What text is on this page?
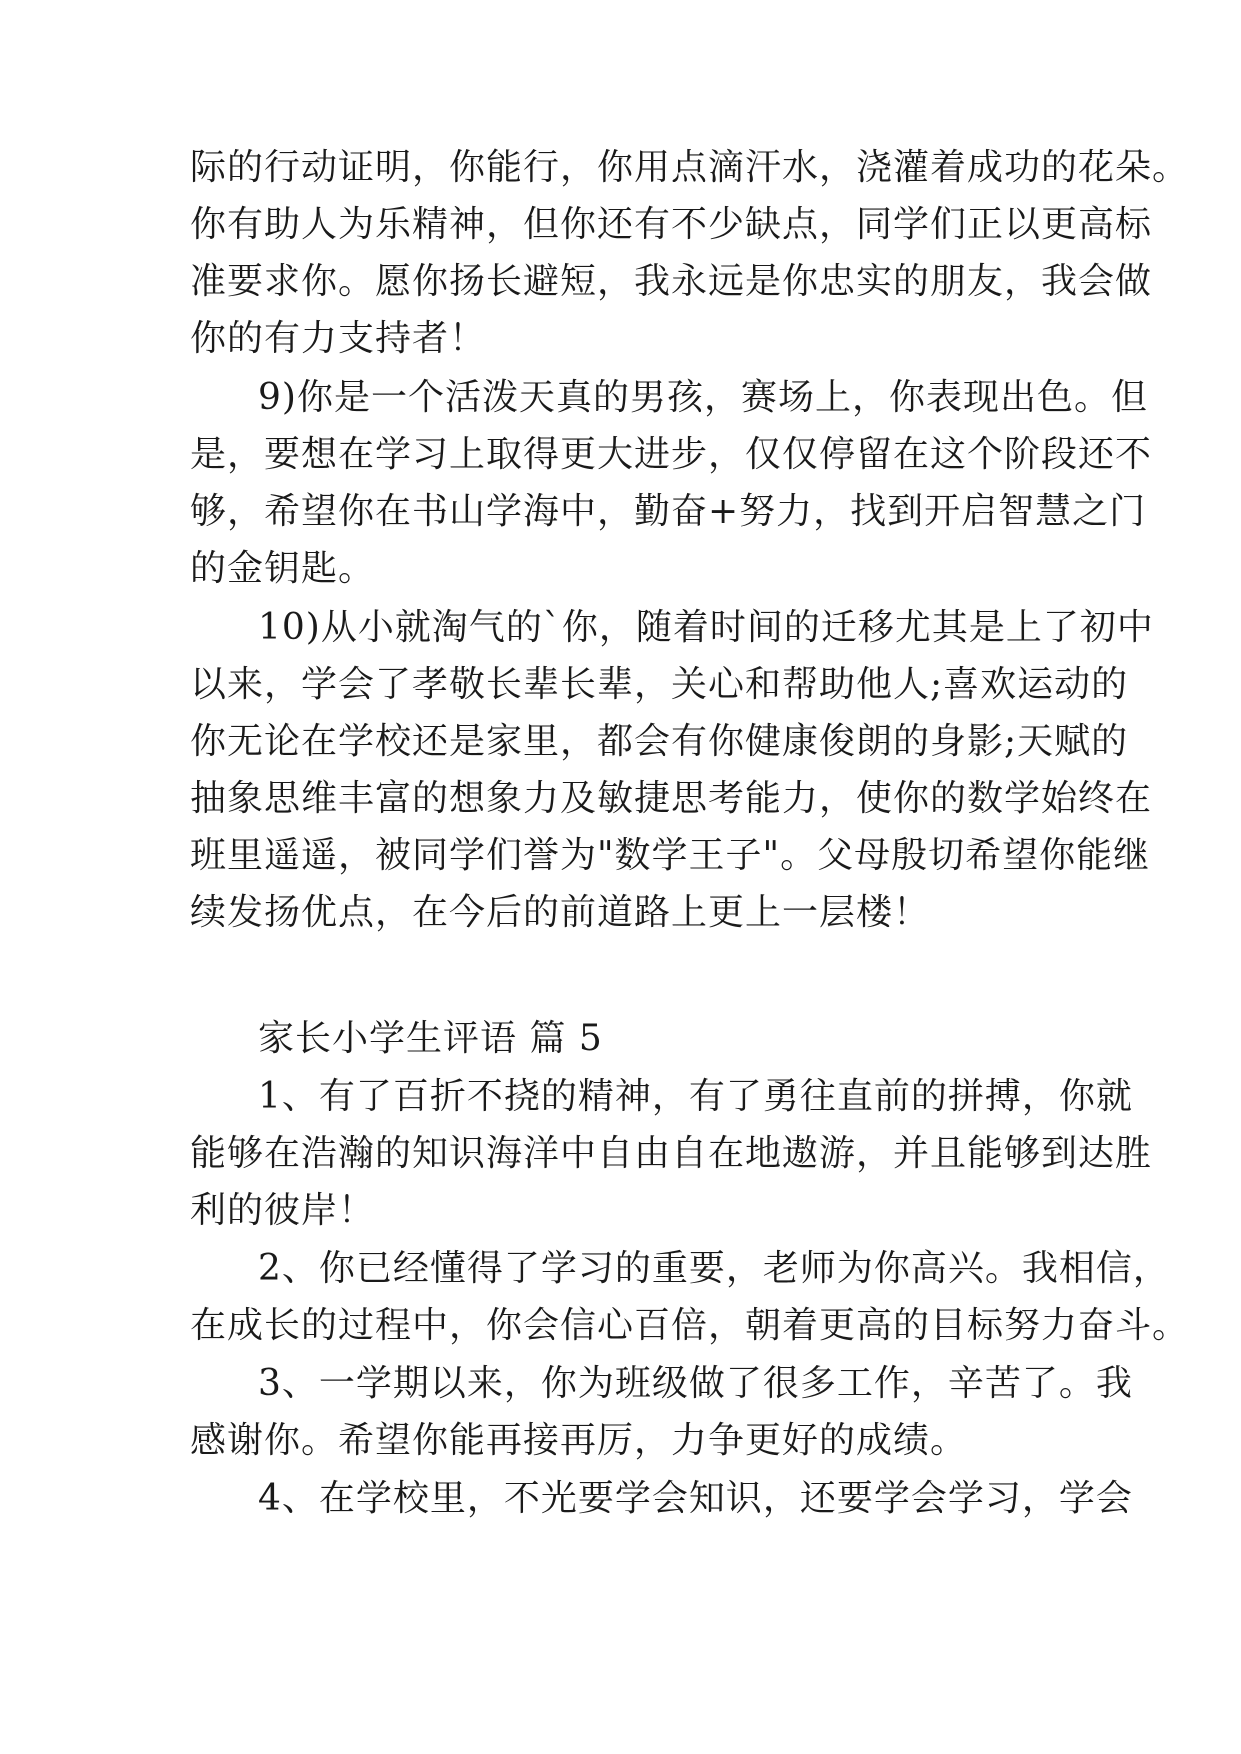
际的行动证明，你能行，你用点滴汗水，浇灌着成功的花朵。
你有助人为乐精神，但你还有不少缺点，同学们正以更高标
准要求你。愿你扬长避短，我永远是你忠实的朋友，我会做
你的有力支持者！
9)你是一个活泼天真的男孩，赛场上，你表现出色。但
是，要想在学习上取得更大进步，仅仅停留在这个阶段还不
够，希望你在书山学海中，勤奋+努力，找到开启智慧之门
的金钥匙。
10)从小就淘气的`你，随着时间的迁移尤其是上了初中
以来，学会了孝敬长辈长辈，关心和帮助他人;喜欢运动的
你无论在学校还是家里，都会有你健康俊朗的身影;天赋的
抽象思维丰富的想象力及敏捷思考能力，使你的数学始终在
班里遥遥，被同学们誉为"数学王子"。父母殷切希望你能继
续发扬优点，在今后的前道路上更上一层楼！
家长小学生评语 篇 5
1、有了百折不挠的精神，有了勇往直前的拼搏，你就
能够在浩瀚的知识海洋中自由自在地遨游，并且能够到达胜
利的彼岸！
2、你已经懂得了学习的重要，老师为你高兴。我相信，
在成长的过程中，你会信心百倍，朝着更高的目标努力奋斗。
3、一学期以来，你为班级做了很多工作，辛苦了。我
感谢你。希望你能再接再厉，力争更好的成绩。
4、在学校里，不光要学会知识，还要学会学习，学会
